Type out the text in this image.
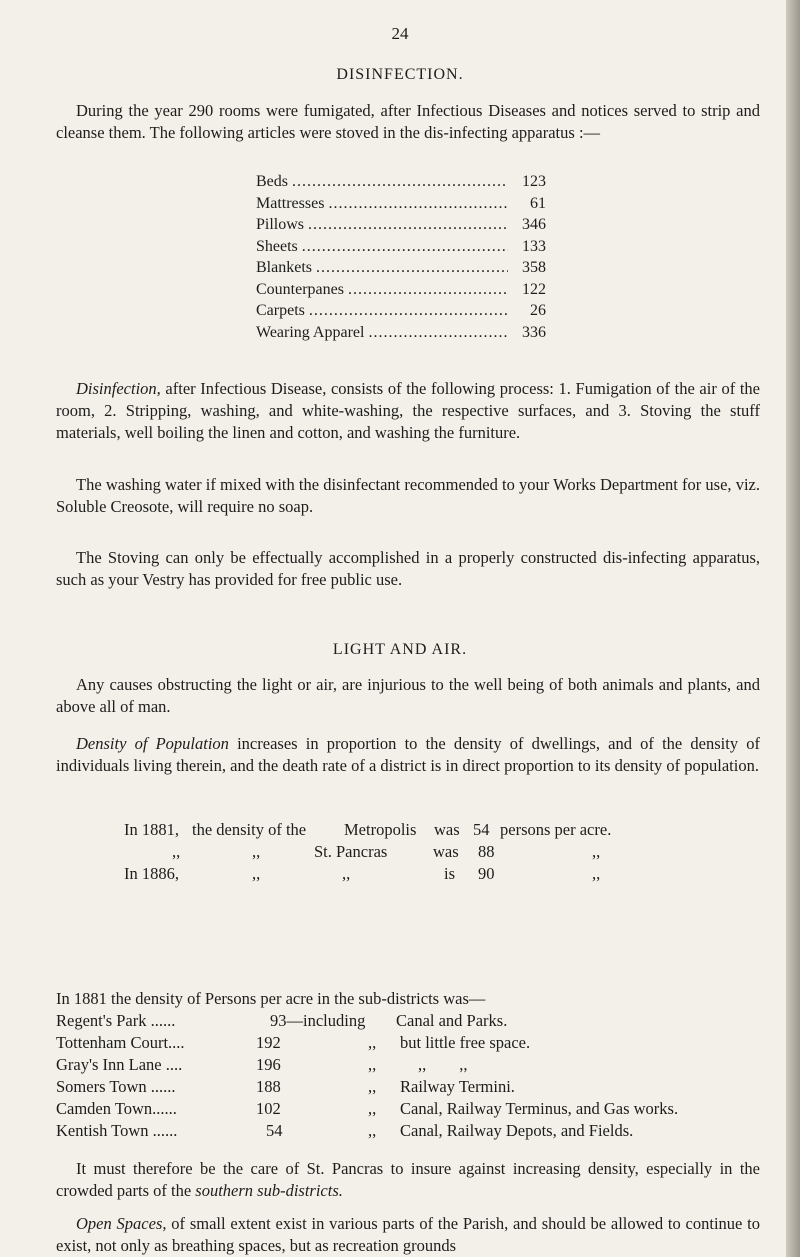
24
DISINFECTION.
During the year 290 rooms were fumigated, after Infectious Diseases and notices served to strip and cleanse them. The following articles were stoved in the dis-infecting apparatus :—
Beds .....	123
Mattresses .....	61
Pillows .....	346
Sheets .....	133
Blankets .....	358
Counterpanes .....	122
Carpets .....	26
Wearing Apparel .....	336
Disinfection, after Infectious Disease, consists of the following process: 1. Fumigation of the air of the room, 2. Stripping, washing, and white-washing, the respective surfaces, and 3. Stoving the stuff materials, well boiling the linen and cotton, and washing the furniture.
The washing water if mixed with the disinfectant recommended to your Works Department for use, viz. Soluble Creosote, will require no soap.
The Stoving can only be effectually accomplished in a properly constructed dis-infecting apparatus, such as your Vestry has provided for free public use.
LIGHT AND AIR.
Any causes obstructing the light or air, are injurious to the well being of both animals and plants, and above all of man.
Density of Population increases in proportion to the density of dwellings, and of the density of individuals living therein, and the death rate of a district is in direct proportion to its density of population.
In 1881, the density of the Metropolis was 54 persons per acre.
,,	,,	St. Pancras	was 88	,,
In 1886,	,,	,,	is 90	,,
In 1881 the density of Persons per acre in the sub-districts was—
Regent's Park ......	93—including Canal and Parks.
Tottenham Court....	192	,, but little free space.
Gray's Inn Lane ....	196	,,	,,        ,,
Somers Town ......	188	,, Railway Termini.
Camden Town......	102	,, Canal, Railway Terminus, and Gas works.
Kentish Town ......	54	,, Canal, Railway Depots, and Fields.
It must therefore be the care of St. Pancras to insure against increasing density, especially in the crowded parts of the southern sub-districts.
Open Spaces, of small extent exist in various parts of the Parish, and should be allowed to continue to exist, not only as breathing spaces, but as recreation grounds
